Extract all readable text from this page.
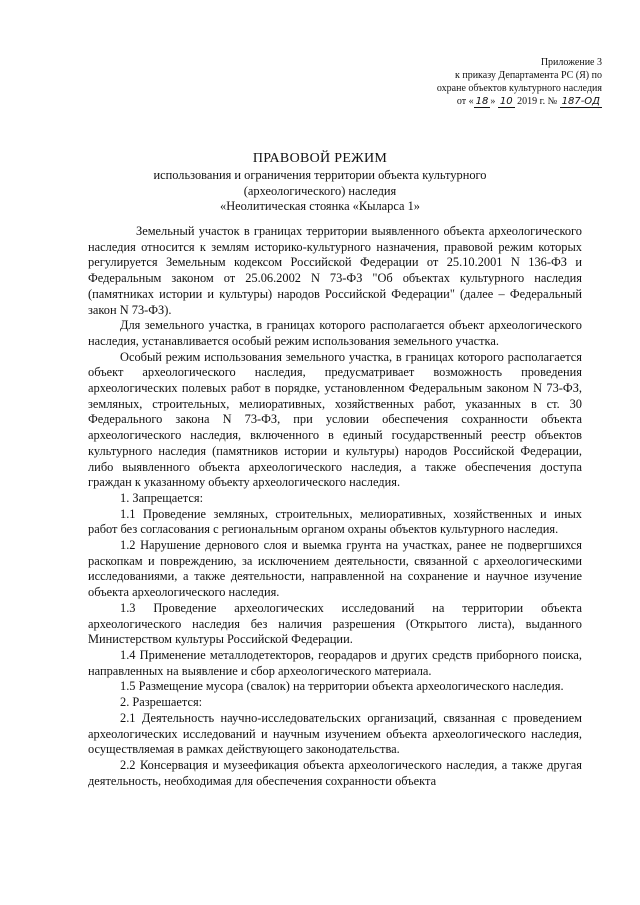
Приложение 3
к приказу Департамента РС (Я) по
охране объектов культурного наследия
от « 18 » 10 2019 г. № 187-ОД
ПРАВОВОЙ РЕЖИМ
использования и ограничения территории объекта культурного
(археологического) наследия
«Неолитическая стоянка «Кыларса 1»

Земельный участок в границах территории выявленного объекта археологического наследия относится к землям историко-культурного назначения, правовой режим которых регулируется Земельным кодексом Российской Федерации от 25.10.2001 N 136-ФЗ и Федеральным законом от 25.06.2002 N 73-ФЗ "Об объектах культурного наследия (памятниках истории и культуры) народов Российской Федерации" (далее – Федеральный закон N 73-ФЗ).

Для земельного участка, в границах которого располагается объект археологического наследия, устанавливается особый режим использования земельного участка.

Особый режим использования земельного участка, в границах которого располагается объект археологического наследия, предусматривает возможность проведения археологических полевых работ в порядке, установленном Федеральным законом N 73-ФЗ, земляных, строительных, мелиоративных, хозяйственных работ, указанных в ст. 30 Федерального закона N 73-ФЗ, при условии обеспечения сохранности объекта археологического наследия, включенного в единый государственный реестр объектов культурного наследия (памятников истории и культуры) народов Российской Федерации, либо выявленного объекта археологического наследия, а также обеспечения доступа граждан к указанному объекту археологического наследия.

1. Запрещается:

1.1 Проведение земляных, строительных, мелиоративных, хозяйственных и иных работ без согласования с региональным органом охраны объектов культурного наследия.

1.2 Нарушение дернового слоя и выемка грунта на участках, ранее не подвергшихся раскопкам и повреждению, за исключением деятельности, связанной с археологическими исследованиями, а также деятельности, направленной на сохранение и научное изучение объекта археологического наследия.

1.3 Проведение археологических исследований на территории объекта археологического наследия без наличия разрешения (Открытого листа), выданного Министерством культуры Российской Федерации.

1.4 Применение металлодетекторов, георадаров и других средств приборного поиска, направленных на выявление и сбор археологического материала.

1.5 Размещение мусора (свалок) на территории объекта археологического наследия.

2. Разрешается:

2.1 Деятельность научно-исследовательских организаций, связанная с проведением археологических исследований и научным изучением объекта археологического наследия, осуществляемая в рамках действующего законодательства.

2.2 Консервация и музеефикация объекта археологического наследия, а также другая деятельность, необходимая для обеспечения сохранности объекта
